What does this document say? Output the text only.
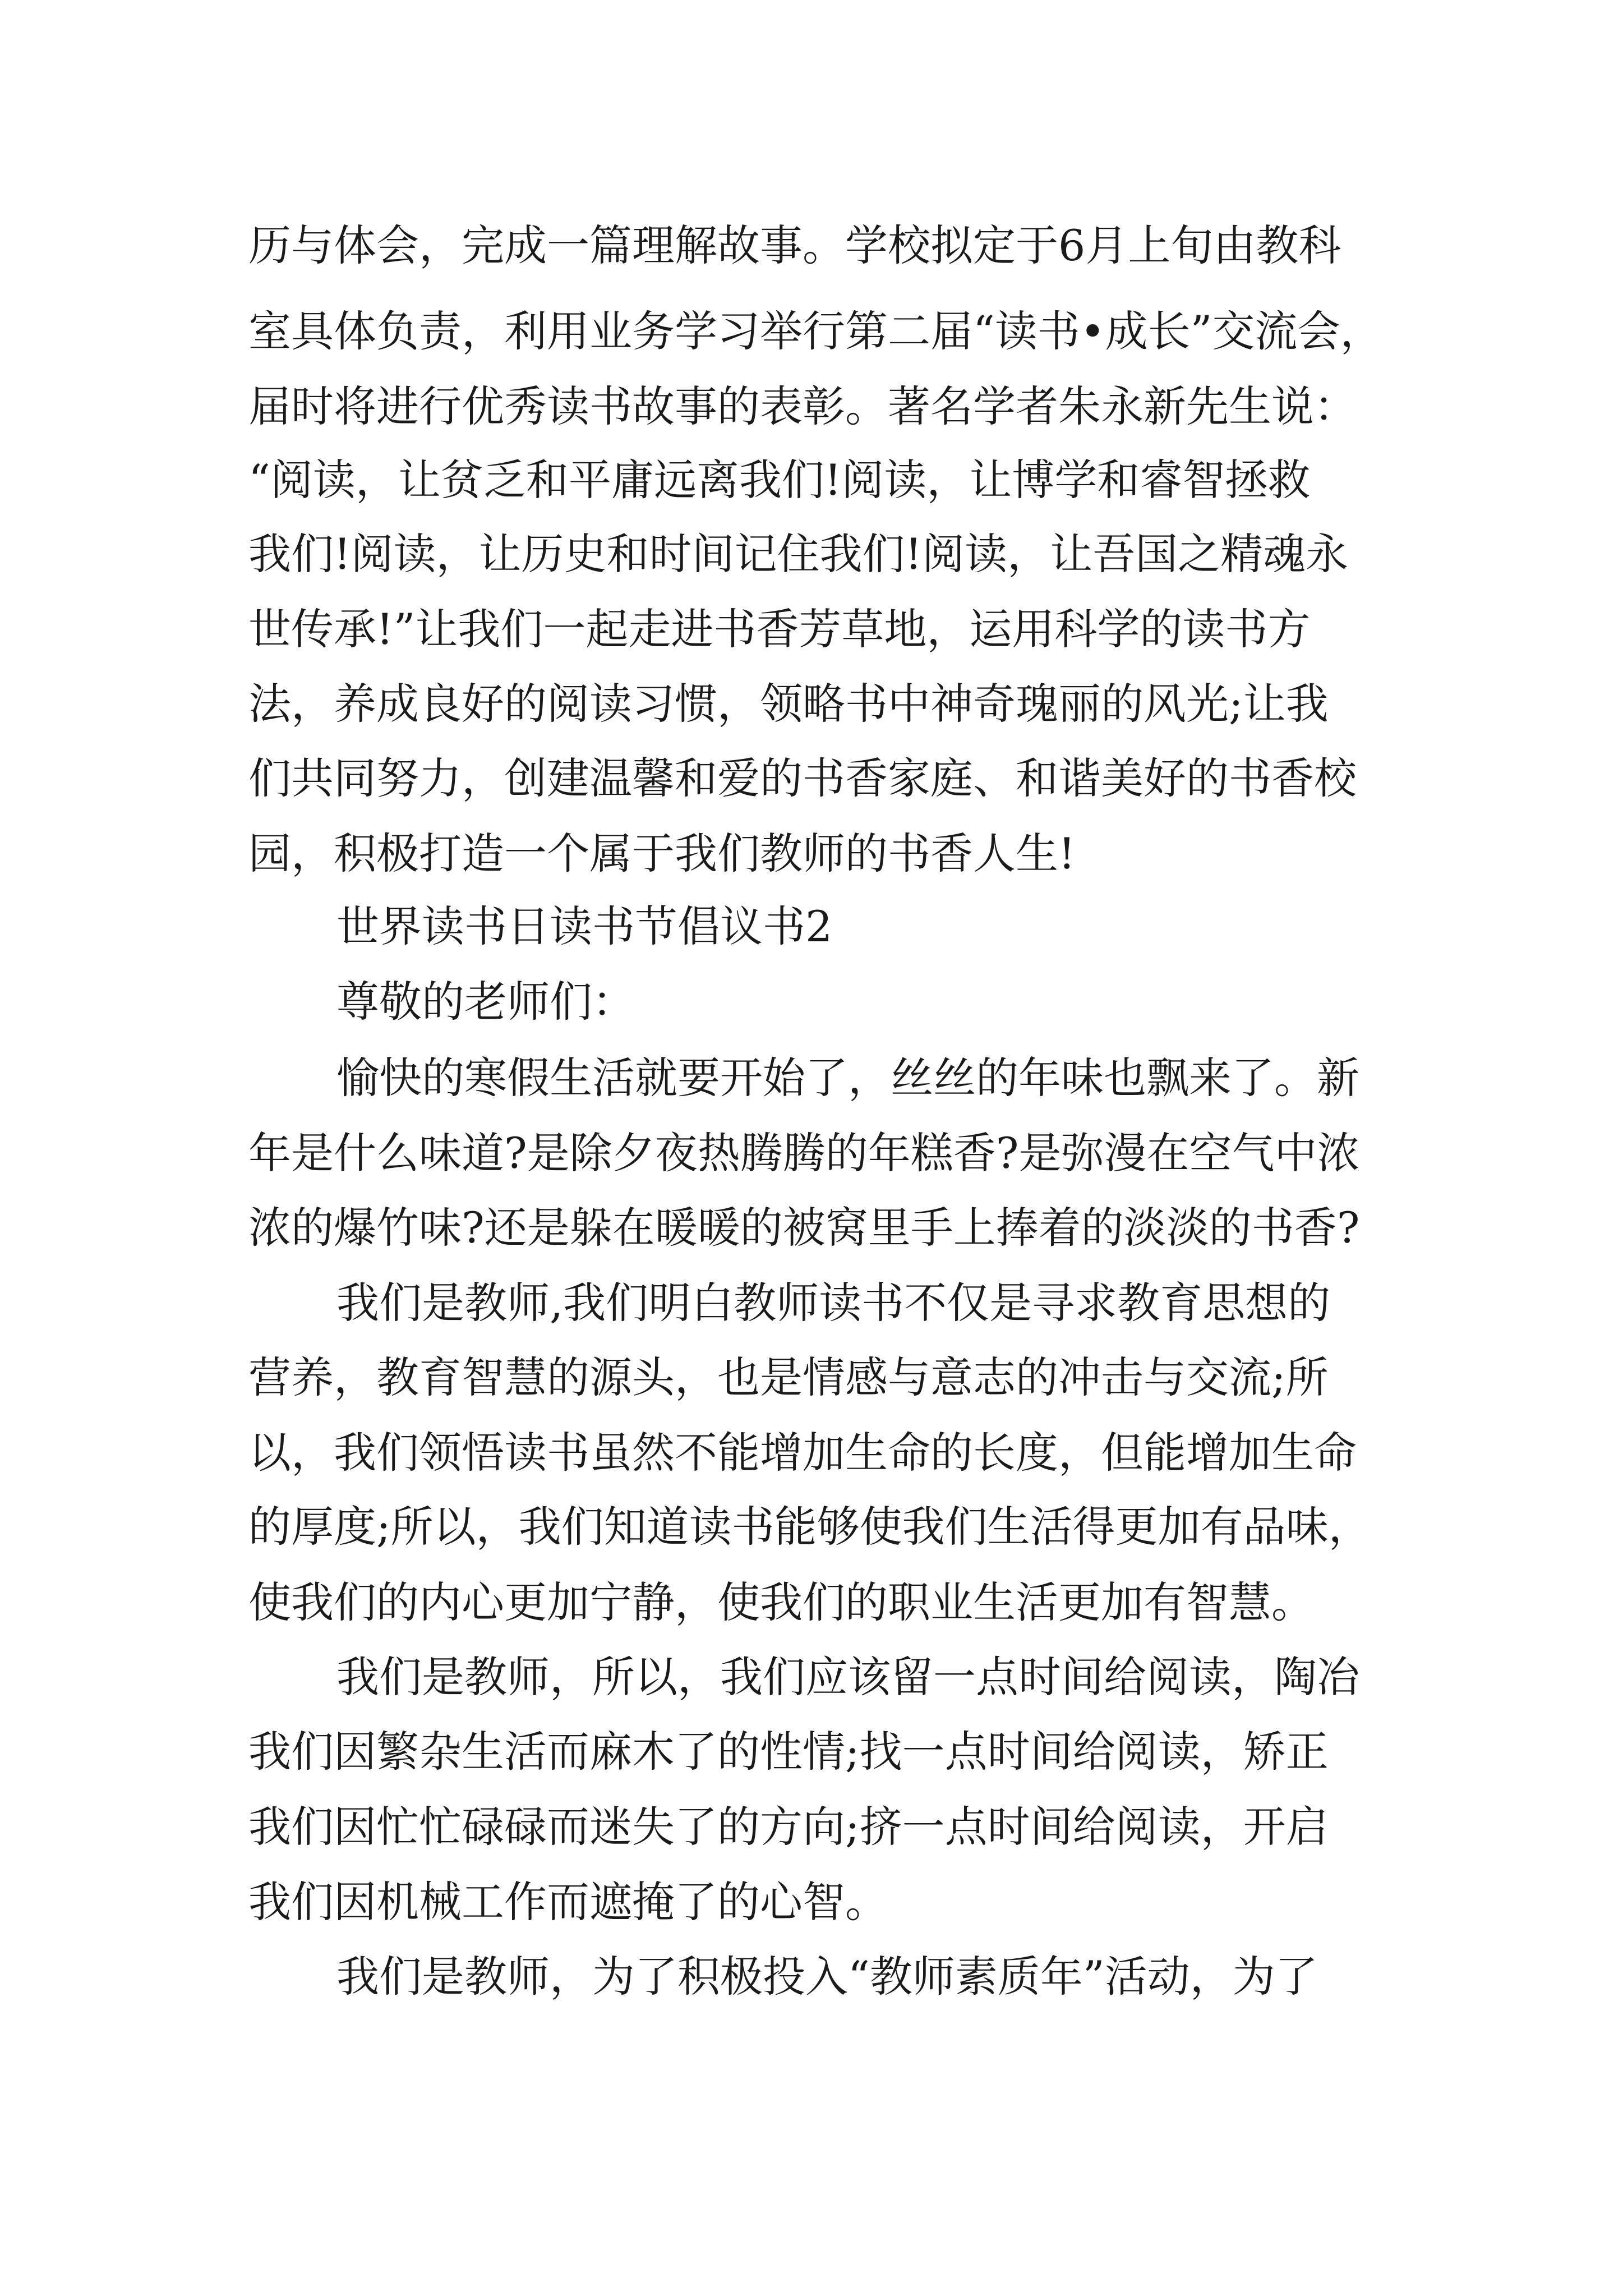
历与体会，完成一篇理解故事。学校拟定于6月上旬由教科
室具体负责，利用业务学习举行第二届“读书•成长”交流会，
届时将进行优秀读书故事的表彰。著名学者朱永新先生说：
“阅读，让贫乏和平庸远离我们!阅读，让博学和睿智拯救
我们!阅读，让历史和时间记住我们!阅读，让吾国之精魂永
世传承!”让我们一起走进书香芳草地，运用科学的读书方
法，养成良好的阅读习惯，领略书中神奇瑰丽的风光;让我
们共同努力，创建温馨和爱的书香家庭、和谐美好的书香校
园，积极打造一个属于我们教师的书香人生!
世界读书日读书节倡议书2
尊敬的老师们：
愉快的寒假生活就要开始了，丝丝的年味也飘来了。新
年是什么味道?是除夕夜热腾腾的年糕香?是弥漫在空气中浓
浓的爆竹味?还是躲在暖暖的被窝里手上捧着的淡淡的书香?
我们是教师,我们明白教师读书不仅是寻求教育思想的
营养，教育智慧的源头，也是情感与意志的冲击与交流;所
以，我们领悟读书虽然不能增加生命的长度，但能增加生命
的厚度;所以，我们知道读书能够使我们生活得更加有品味，
使我们的内心更加宁静，使我们的职业生活更加有智慧。
我们是教师，所以，我们应该留一点时间给阅读，陶冶
我们因繁杂生活而麻木了的性情;找一点时间给阅读，矫正
我们因忙忙碌碌而迷失了的方向;挤一点时间给阅读，开启
我们因机械工作而遮掩了的心智。
我们是教师，为了积极投入“教师素质年”活动，为了
